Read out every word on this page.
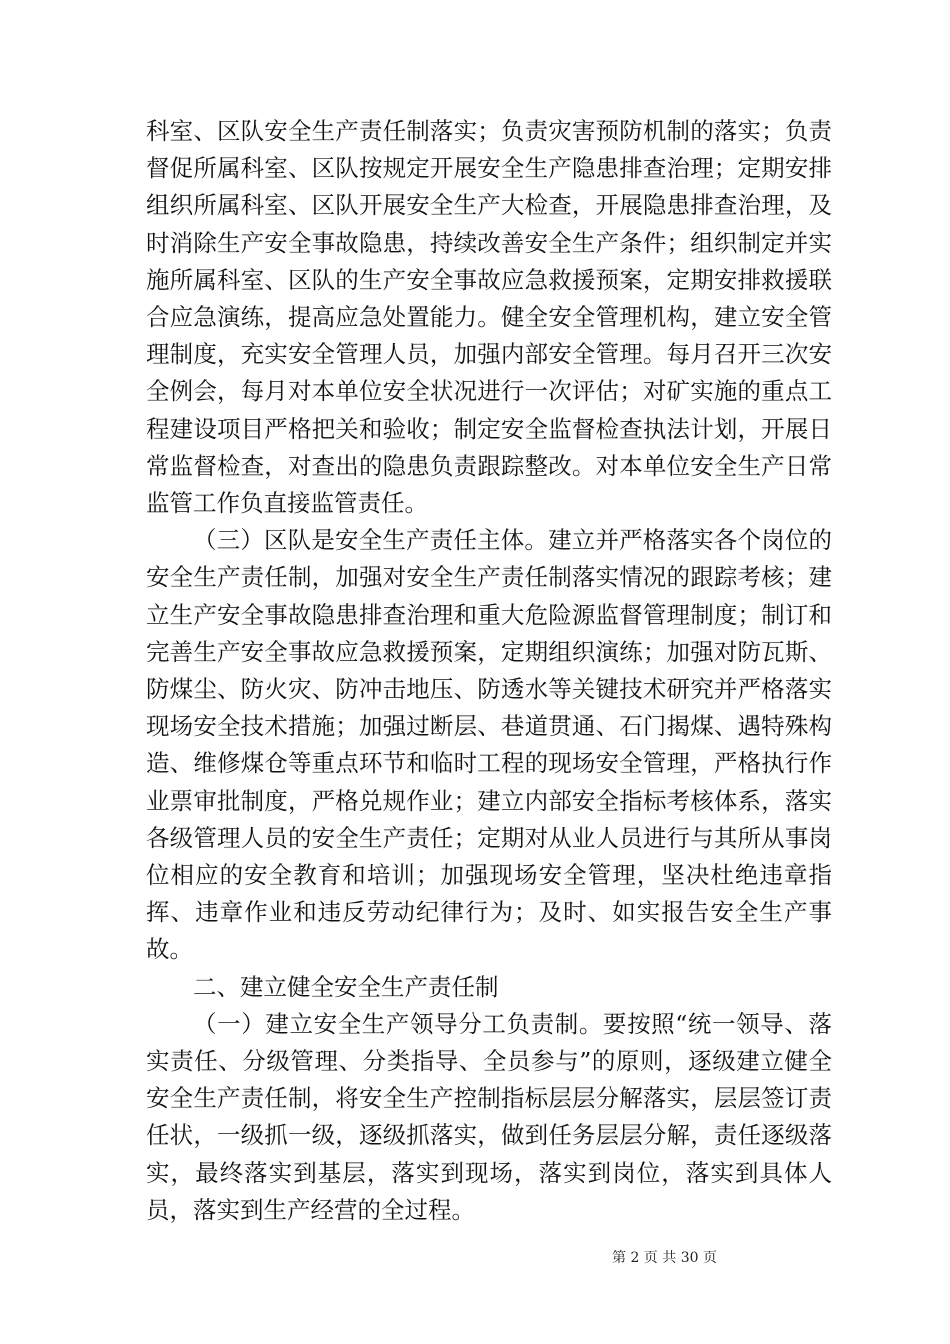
科室、区队安全生产责任制落实；负责灾害预防机制的落实；负责督促所属科室、区队按规定开展安全生产隐患排查治理；定期安排组织所属科室、区队开展安全生产大检查，开展隐患排查治理，及时消除生产安全事故隐患，持续改善安全生产条件；组织制定并实施所属科室、区队的生产安全事故应急救援预案，定期安排救援联合应急演练，提高应急处置能力。健全安全管理机构，建立安全管理制度，充实安全管理人员，加强内部安全管理。每月召开三次安全例会，每月对本单位安全状况进行一次评估；对矿实施的重点工程建设项目严格把关和验收；制定安全监督检查执法计划，开展日常监督检查，对查出的隐患负责跟踪整改。对本单位安全生产日常监管工作负直接监管责任。

（三）区队是安全生产责任主体。建立并严格落实各个岗位的安全生产责任制，加强对安全生产责任制落实情况的跟踪考核；建立生产安全事故隐患排查治理和重大危险源监督管理制度；制订和完善生产安全事故应急救援预案，定期组织演练；加强对防瓦斯、防煤尘、防火灾、防冲击地压、防透水等关键技术研究并严格落实现场安全技术措施；加强过断层、巷道贯通、石门揭煤、遇特殊构造、维修煤仓等重点环节和临时工程的现场安全管理，严格执行作业票审批制度，严格兑规作业；建立内部安全指标考核体系，落实各级管理人员的安全生产责任；定期对从业人员进行与其所从事岗位相应的安全教育和培训；加强现场安全管理，坚决杜绝违章指挥、违章作业和违反劳动纪律行为；及时、如实报告安全生产事故。

二、建立健全安全生产责任制

（一）建立安全生产领导分工负责制。要按照“统一领导、落实责任、分级管理、分类指导、全员参与”的原则，逐级建立健全安全生产责任制，将安全生产控制指标层层分解落实，层层签订责任状，一级抓一级，逐级抓落实，做到任务层层分解，责任逐级落实，最终落实到基层，落实到现场，落实到岗位，落实到具体人员，落实到生产经营的全过程。

第 2 页 共 30 页
